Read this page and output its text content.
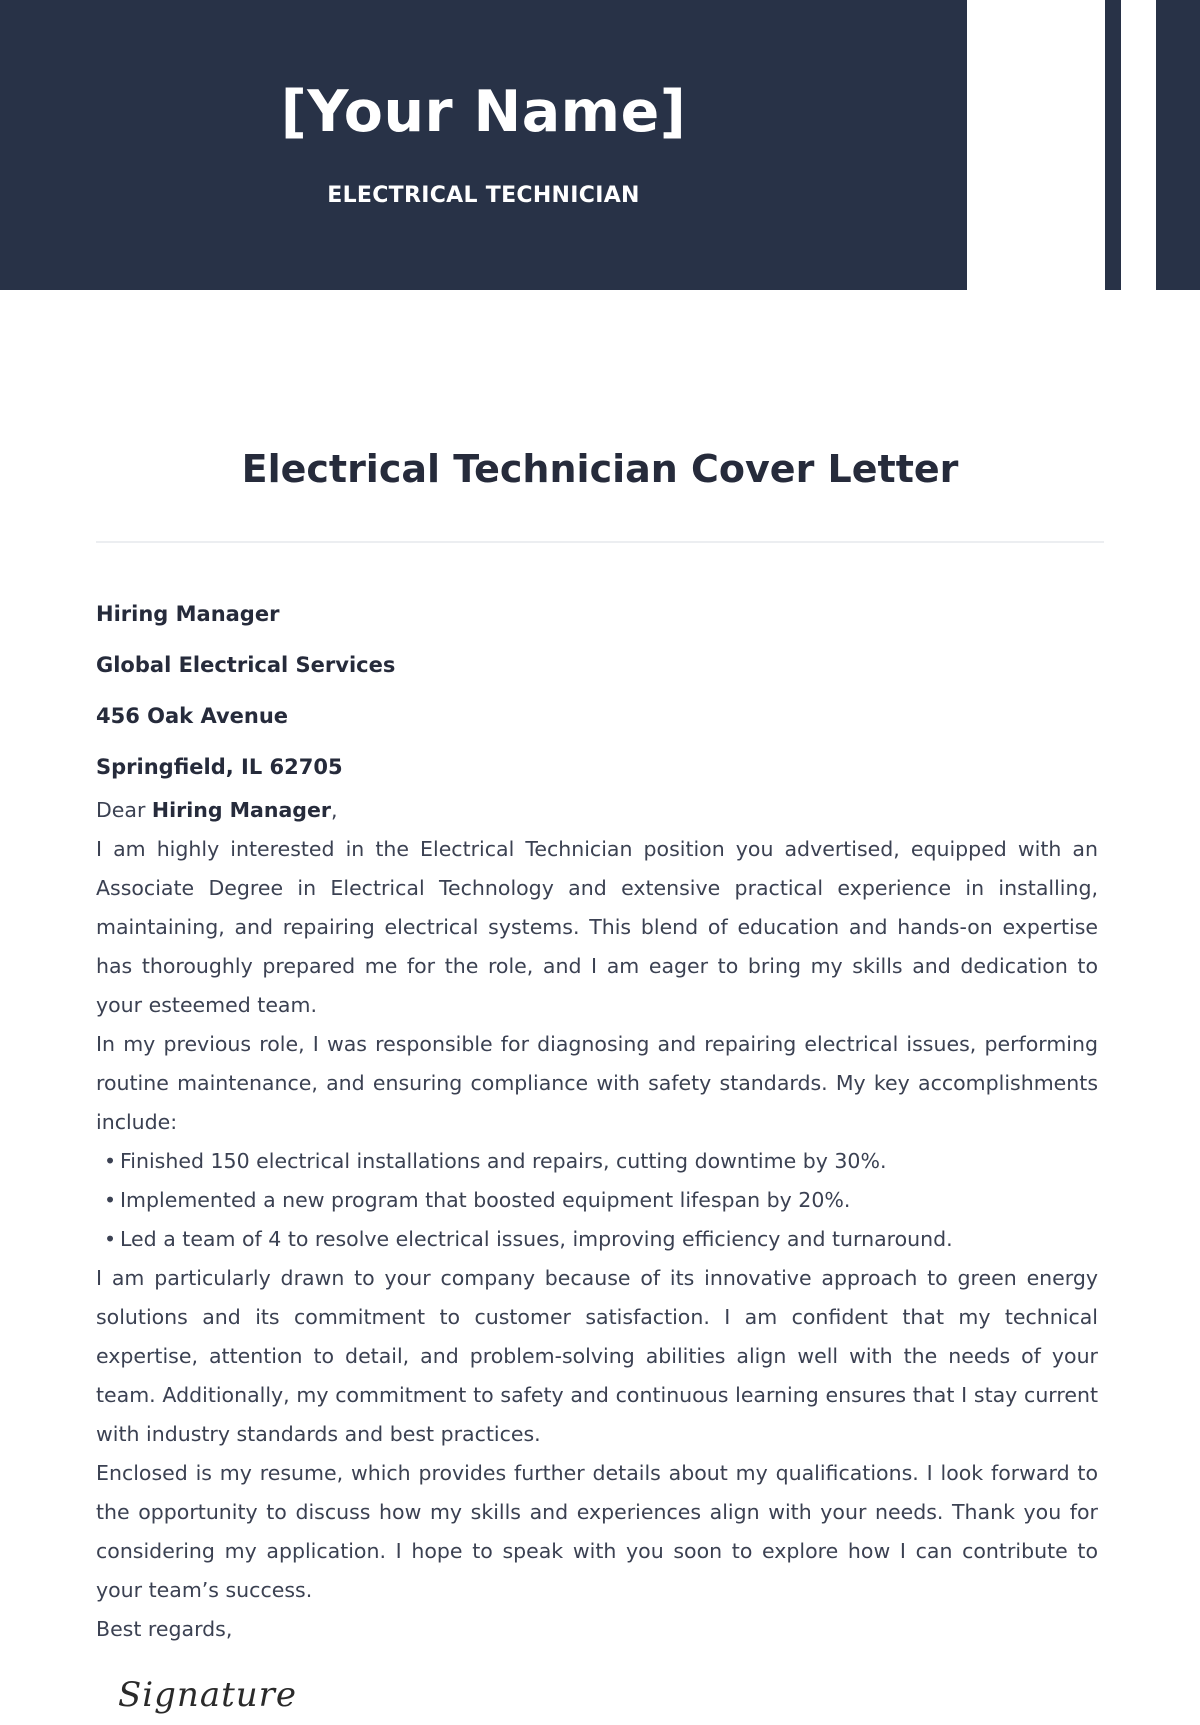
[Your Name]
ELECTRICAL TECHNICIAN
Electrical Technician Cover Letter
Hiring Manager
Global Electrical Services
456 Oak Avenue
Springfield, IL 62705

Dear Hiring Manager,

I am highly interested in the Electrical Technician position you advertised, equipped with an Associate Degree in Electrical Technology and extensive practical experience in installing, maintaining, and repairing electrical systems. This blend of education and hands-on expertise has thoroughly prepared me for the role, and I am eager to bring my skills and dedication to your esteemed team.

In my previous role, I was responsible for diagnosing and repairing electrical issues, performing routine maintenance, and ensuring compliance with safety standards. My key accomplishments include:

• Finished 150 electrical installations and repairs, cutting downtime by 30%.
• Implemented a new program that boosted equipment lifespan by 20%.
• Led a team of 4 to resolve electrical issues, improving efficiency and turnaround.

I am particularly drawn to your company because of its innovative approach to green energy solutions and its commitment to customer satisfaction. I am confident that my technical expertise, attention to detail, and problem-solving abilities align well with the needs of your team. Additionally, my commitment to safety and continuous learning ensures that I stay current with industry standards and best practices.

Enclosed is my resume, which provides further details about my qualifications. I look forward to the opportunity to discuss how my skills and experiences align with your needs. Thank you for considering my application. I hope to speak with you soon to explore how I can contribute to your team’s success.

Best regards,

Signature
